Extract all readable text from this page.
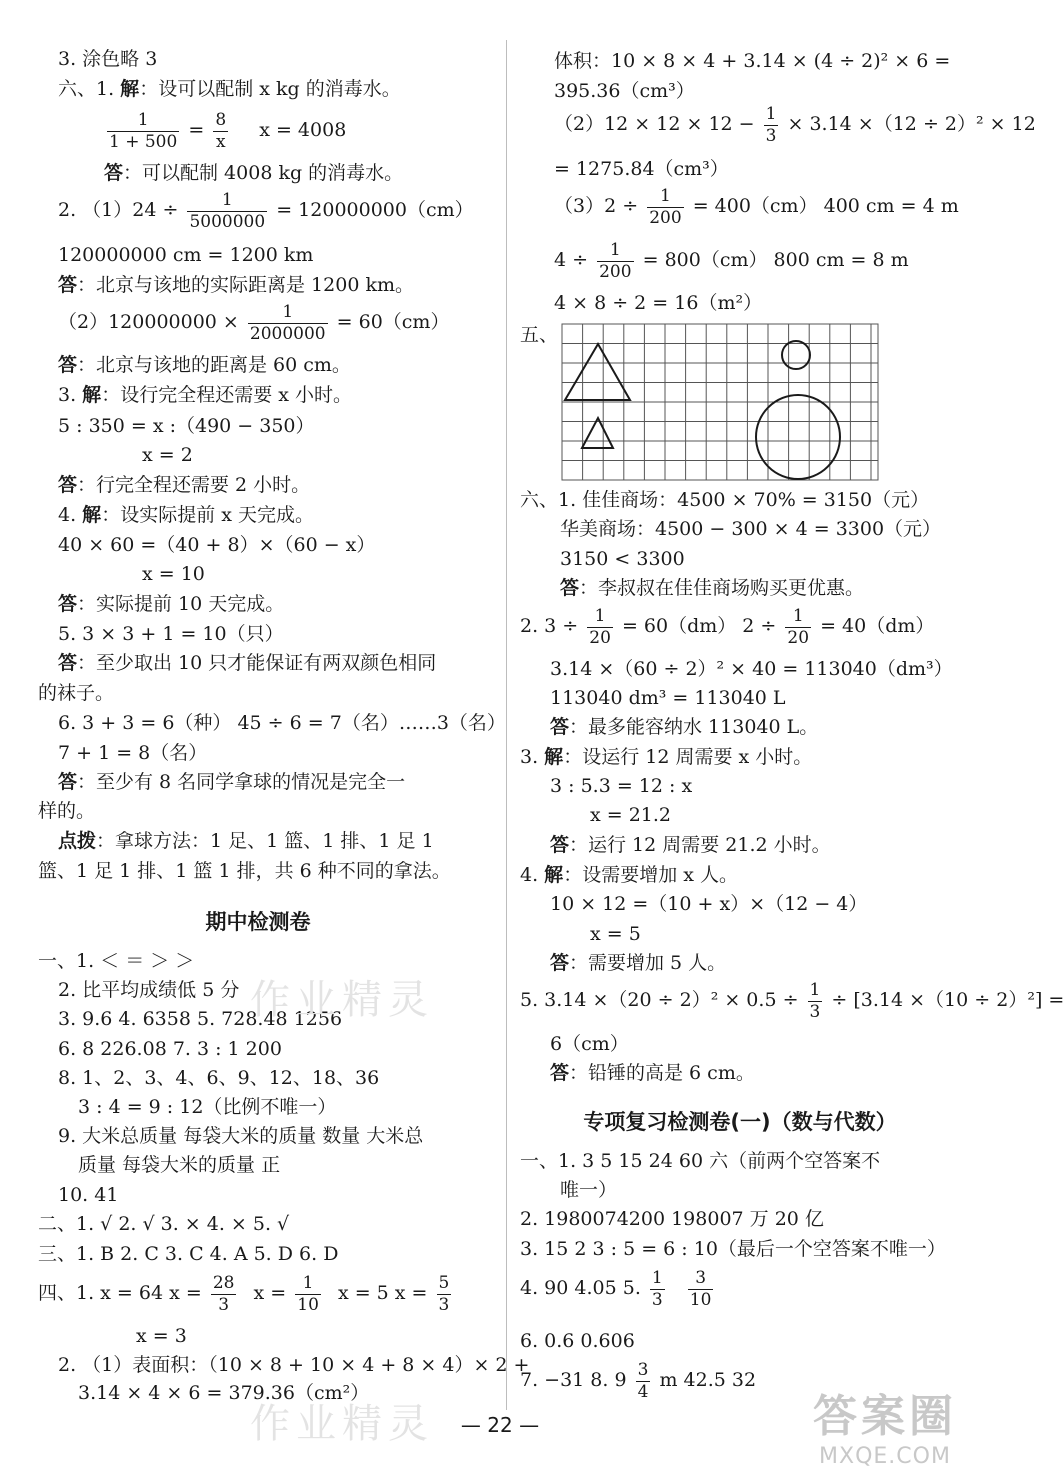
3. 涂色略 3
六、1. 解：设可以配制 x kg 的消毒水。
$\frac{1}{1 + 500} = \frac{8}{x}$ x = 4008
答：可以配制 4008 kg 的消毒水。
2. $(1)24 \div \frac{1}{5000000} = 120000000(cm)$
120000000 cm = 1200 km
答：北京与该地的实际距离是 1200 km。
$(2)120000000 \times \frac{1}{2000000} = 60(cm)$
答：北京与该地的距离是 60 cm。
3. 解：设行完全程还需要 x 小时。
5 : 350 = x :（490 − 350）
x = 2
答：行完全程还需要 2 小时。
4. 解：设实际提前 x 天完成。
40 × 60 =（40 + 8）×（60 − x）
x = 10
答：实际提前 10 天完成。
5. 3 × 3 + 1 = 10（只）
答：至少取出 10 只才能保证有两双颜色相同
的袜子。
6. 3 + 3 = 6（种） 45 ÷ 6 = 7（名）……3（名）
7 + 1 = 8（名）
答：至少有 8 名同学拿球的情况是完全一
样的。
点拨：拿球方法：1 足、1 篮、1 排、1 足 1
篮、1 足 1 排、1 篮 1 排，共 6 种不同的拿法。
期中检测卷
一、1. ＜ ＝ ＞ ＞
2. 比平均成绩低 5 分
3. 9.6 4. 6358 5. 728.48 1256
6. 8 226.08 7. 3 : 1 200
8. 1、2、3、4、6、9、12、18、36
3 : 4 = 9 : 12（比例不唯一）
9. 大米总质量 每袋大米的质量 数量 大米总
质量 每袋大米的质量 正
10. 41
二、1. √ 2. √ 3. × 4. × 5. √
三、1. B 2. C 3. C 4. A 5. D 6. D
四、1. x = 64 $x = \frac{28}{3}$ $x = \frac{1}{10}$ x = 5 $x = \frac{5}{3}$
x = 3
2. （1）表面积：（10 × 8 + 10 × 4 + 8 × 4）× 2 +
3.14 × 4 × 6 = 379.36（cm²）
体积：10 × 8 × 4 + 3.14 × (4 ÷ 2)² × 6 =
395.36（cm³）
$(2)12 \times 12 \times 12 - \frac{1}{3} \times 3.14 \times(12 \div 2)^2 \times 12$
= 1275.84（cm³）
$(3)2 \div \frac{1}{200} = 400(cm)$ 400 cm = 4 m
$4 \div \frac{1}{200} = 800(cm)$ 800 cm = 8 m
4 × 8 ÷ 2 = 16（m²）
五、
六、1. 佳佳商场：4500 × 70% = 3150（元）
华美商场：4500 − 300 × 4 = 3300（元）
3150 < 3300
答：李叔叔在佳佳商场购买更优惠。
2. $3 \div \frac{1}{20} = 60(dm) 2 \div \frac{1}{20} = 40(dm)$
3.14 ×（60 ÷ 2）² × 40 = 113040（dm³）
113040 dm³ = 113040 L
答：最多能容纳水 113040 L。
3. 解：设运行 12 周需要 x 小时。
3 : 5.3 = 12 : x
x = 21.2
答：运行 12 周需要 21.2 小时。
4. 解：设需要增加 x 人。
10 × 12 =（10 + x）×（12 − 4）
x = 5
答：需要增加 5 人。
5. $3.14 \times(20 \div 2)^2 \times 0.5 \div \frac{1}{3} \div [3.14 \times(10 \div 2)^2]$ =
6（cm）
答：铅锤的高是 6 cm。
专项复习检测卷(一)（数与代数）
一、1. 3 5 15 24 60 六（前两个空答案不
唯一）
2. 1980074200 198007 万 20 亿
3. 15 2 3 : 5 = 6 : 10（最后一个空答案不唯一）
4. 90 4.05 5. $\frac{1}{3}$
$\frac{3}{10}$
6. 0.6 0.606
7. −31 8. $9 \frac{3}{4}$ m 42.5 32
作业精灵
作业精灵	— 22 —	答案圈
MXQE.COM
